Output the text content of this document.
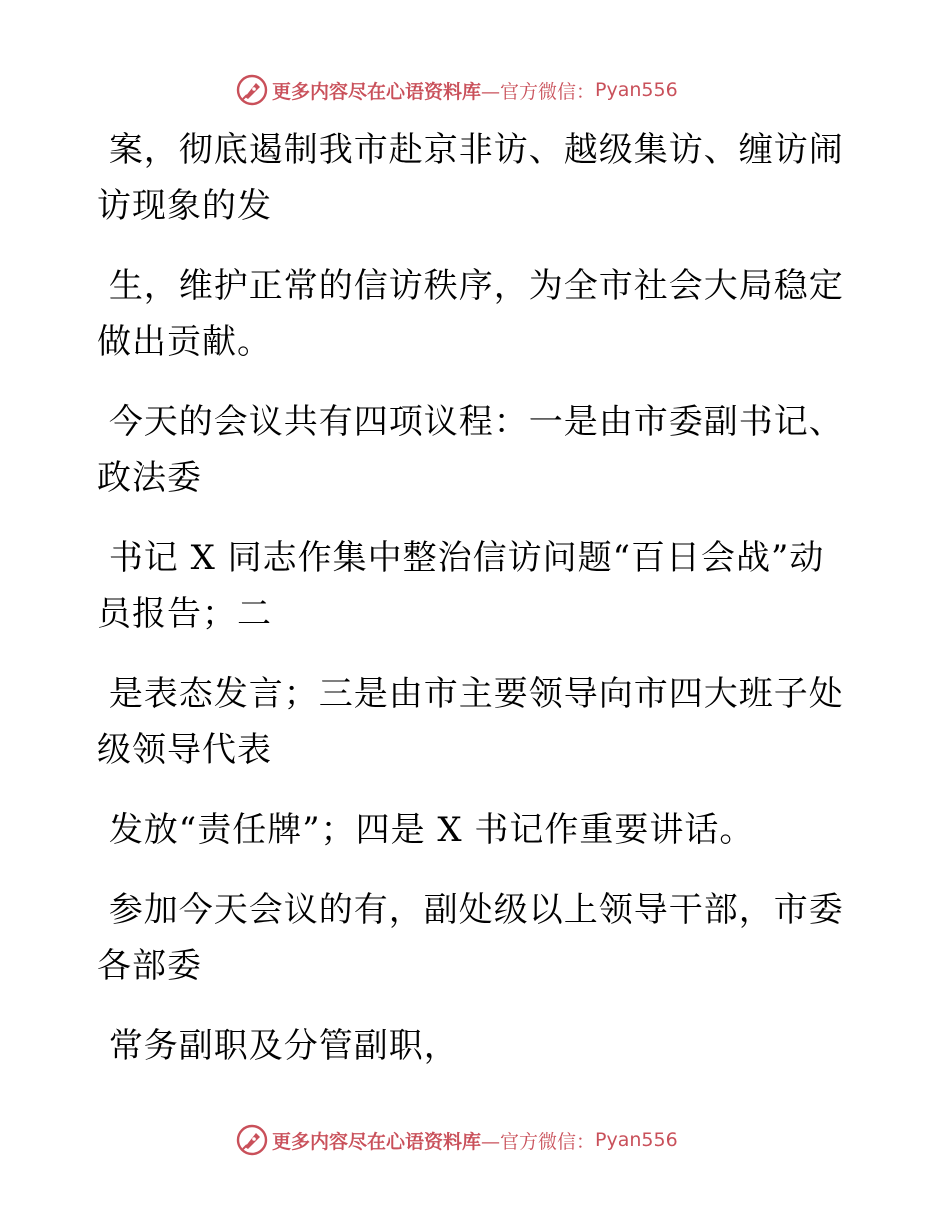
更多内容尽在心语资料库 —官方微信： Pyan556

案，彻底遏制我市赴京非访、越级集访、缠访闹
访现象的发

生，维护正常的信访秩序，为全市社会大局稳定
做出贡献。

今天的会议共有四项议程：一是由市委副书记、
政法委

书记 X 同志作集中整治信访问题“百日会战”动
员报告；二

是表态发言；三是由市主要领导向市四大班子处
级领导代表

发放“责任牌”；四是 X 书记作重要讲话。

参加今天会议的有，副处级以上领导干部，市委
各部委

常务副职及分管副职，

更多内容尽在心语资料库 —官方微信： Pyan556
